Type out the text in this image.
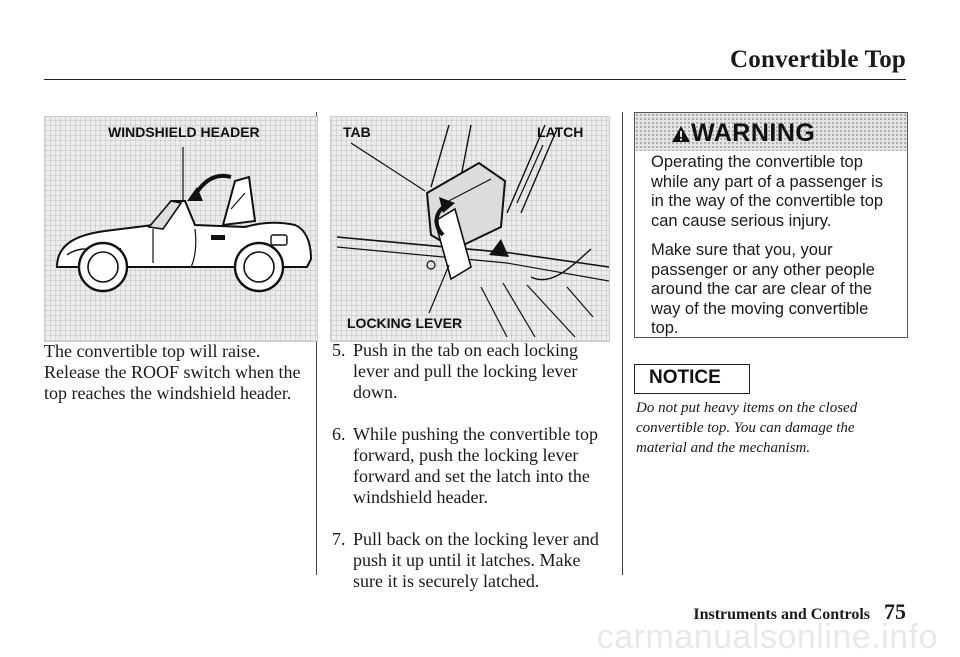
Convertible Top
WINDSHIELD HEADER	TAB	LATCH
LOCKING LEVER
The convertible top will raise.
Release the ROOF switch when the
top reaches the windshield header.
5. Push in the tab on each locking
lever and pull the locking lever
down.
6. While pushing the convertible top
forward, push the locking lever
forward and set the latch into the
windshield header.
7. Pull back on the locking lever and
push it up until it latches. Make
sure it is securely latched.
WARNING
Operating the convertible top
while any part of a passenger is
in the way of the convertible top
can cause serious injury.
Make sure that you, your
passenger or any other people
around the car are clear of the
way of the moving convertible
top.
NOTICE
Do not put heavy items on the closed
convertible top. You can damage the
material and the mechanism.
Instruments and Controls 75
carmanualsonline.info
